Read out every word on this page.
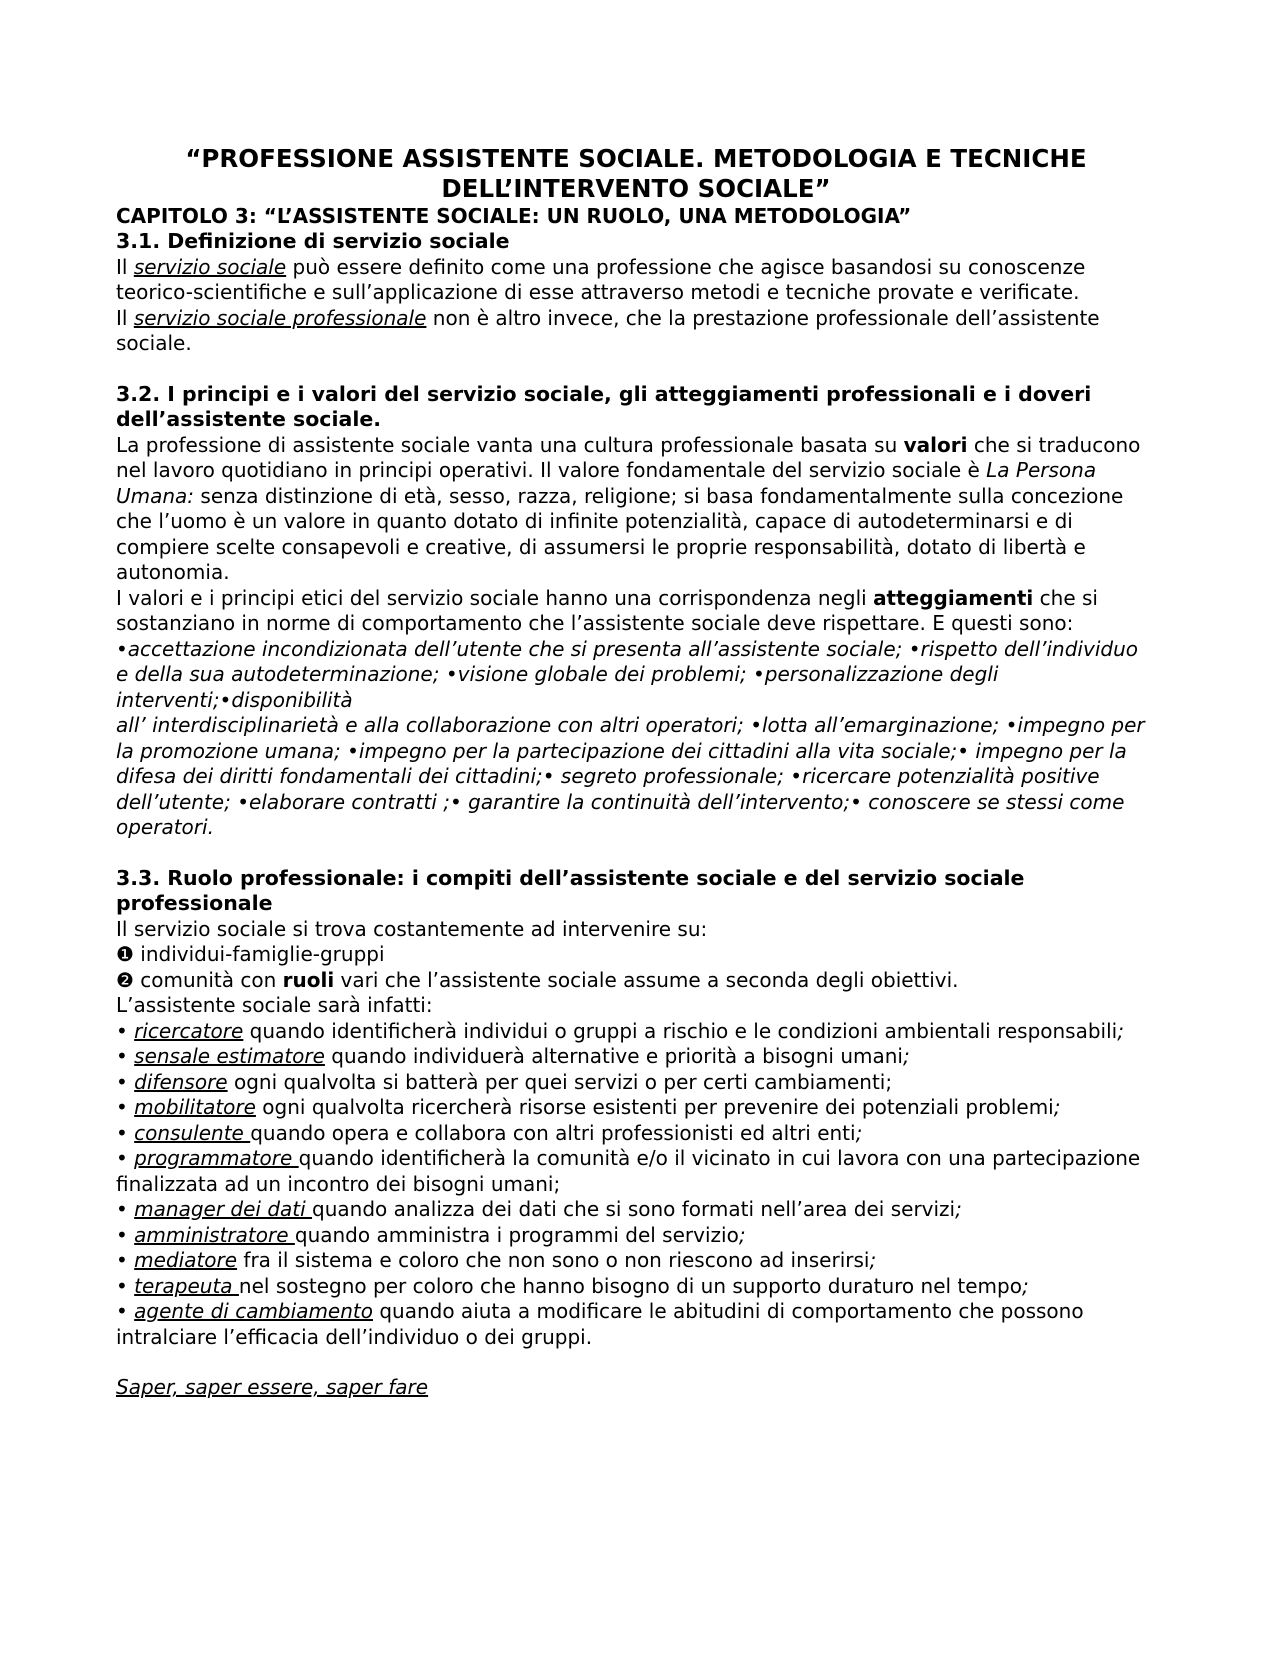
“PROFESSIONE ASSISTENTE SOCIALE. METODOLOGIA E TECNICHE
DELL’INTERVENTO SOCIALE”

CAPITOLO 3: “L’ASSISTENTE SOCIALE: UN RUOLO, UNA METODOLOGIA”

3.1. Definizione di servizio sociale

Il servizio sociale può essere definito come una professione che agisce basandosi su conoscenze teorico-scientifiche e sull’applicazione di esse attraverso metodi e tecniche provate e verificate.

Il servizio sociale professionale non è altro invece, che la prestazione professionale dell’assistente sociale.

3.2. I principi e i valori del servizio sociale, gli atteggiamenti professionali e i doveri dell’assistente sociale.

La professione di assistente sociale vanta una cultura professionale basata su valori che si traducono nel lavoro quotidiano in principi operativi. Il valore fondamentale del servizio sociale è La Persona Umana: senza distinzione di età, sesso, razza, religione; si basa fondamentalmente sulla concezione che l’uomo è un valore in quanto dotato di infinite potenzialità, capace di autodeterminarsi e di compiere scelte consapevoli e creative, di assumersi le proprie responsabilità, dotato di libertà e autonomia.

I valori e i principi etici del servizio sociale hanno una corrispondenza negli atteggiamenti che si sostanziano in norme di comportamento che l’assistente sociale deve rispettare. E questi sono:

•accettazione incondizionata dell’utente che si presenta all’assistente sociale; •rispetto dell’individuo e della sua autodeterminazione; •visione globale dei problemi; •personalizzazione degli interventi;•disponibilità
all’ interdisciplinarietà e alla collaborazione con altri operatori; •lotta all’emarginazione; •impegno per la promozione umana; •impegno per la partecipazione dei cittadini alla vita sociale;• impegno per la difesa dei diritti fondamentali dei cittadini;• segreto professionale; •ricercare potenzialità positive dell’utente; •elaborare contratti ;• garantire la continuità dell’intervento;• conoscere se stessi come operatori.

3.3. Ruolo professionale: i compiti dell’assistente sociale e del servizio sociale professionale

Il servizio sociale si trova costantemente ad intervenire su:

❶ individui-famiglie-gruppi

❷ comunità con ruoli vari che l’assistente sociale assume a seconda degli obiettivi.

L’assistente sociale sarà infatti:

• ricercatore quando identificherà individui o gruppi a rischio e le condizioni ambientali responsabili;

• sensale estimatore quando individuerà alternative e priorità a bisogni umani;

• difensore ogni qualvolta si batterà per quei servizi o per certi cambiamenti;

• mobilitatore ogni qualvolta ricercherà risorse esistenti per prevenire dei potenziali problemi;

• consulente quando opera e collabora con altri professionisti ed altri enti;

• programmatore quando identificherà la comunità e/o il vicinato in cui lavora con una partecipazione finalizzata ad un incontro dei bisogni umani;

• manager dei dati quando analizza dei dati che si sono formati nell’area dei servizi;

• amministratore quando amministra i programmi del servizio;

• mediatore fra il sistema e coloro che non sono o non riescono ad inserirsi;

• terapeuta nel sostegno per coloro che hanno bisogno di un supporto duraturo nel tempo;

• agente di cambiamento quando aiuta a modificare le abitudini di comportamento che possono intralciare l’efficacia dell’individuo o dei gruppi.

Saper, saper essere, saper fare
